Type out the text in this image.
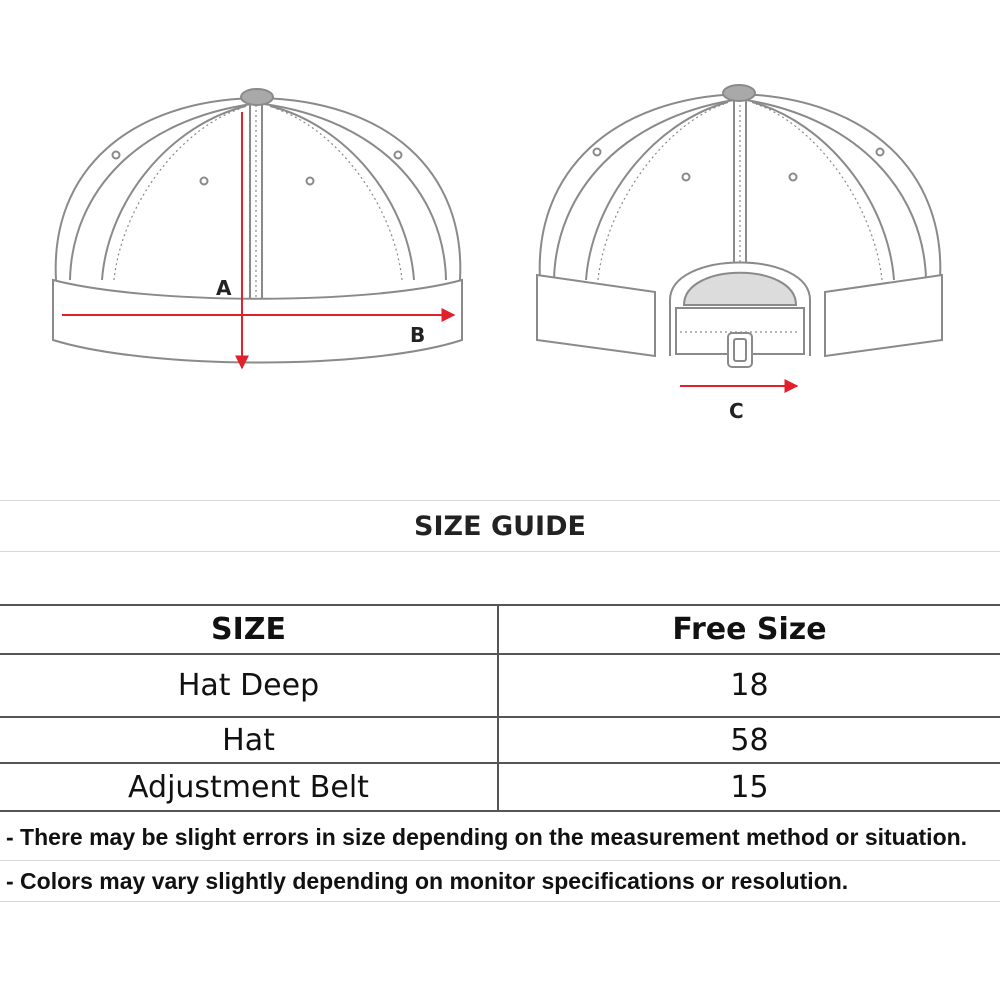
A
B
C
SIZE GUIDE
SIZE	Free Size
Hat Deep	18
Hat	58
Adjustment Belt	15
- There may be slight errors in size depending on the measurement method or situation.
- Colors may vary slightly depending on monitor specifications or resolution.
